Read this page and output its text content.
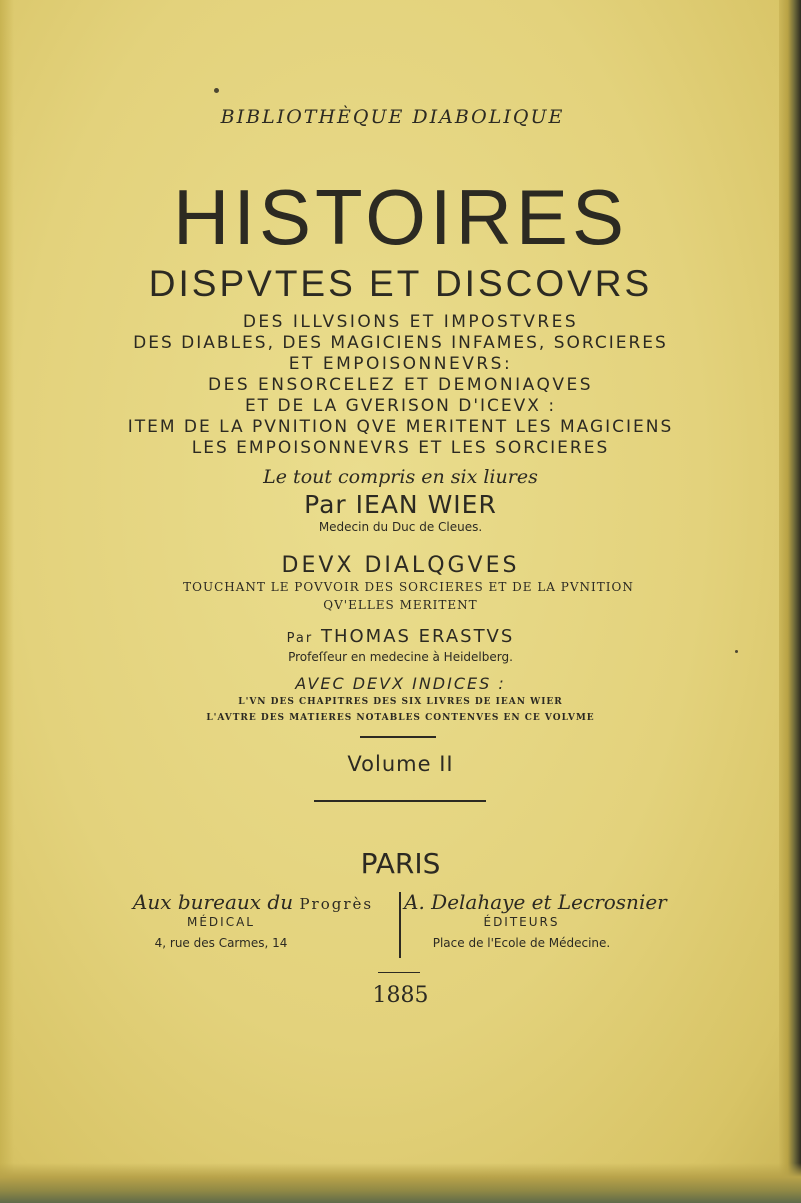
BIBLIOTHÈQUE DIABOLIQUE
HISTOIRES
DISPVTES ET DISCOVRS
DES ILLVSIONS ET IMPOSTVRES
DES DIABLES, DES MAGICIENS INFAMES, SORCIERES
ET EMPOISONNEVRS:
DES ENSORCELEZ ET DEMONIAQVES
ET DE LA GVERISON D'ICEVX :
ITEM DE LA PVNITION QVE MERITENT LES MAGICIENS
LES EMPOISONNEVRS ET LES SORCIERES
Le tout compris en six liures
Par IEAN WIER
Medecin du Duc de Cleues.
DEVX DIALQGVES
TOUCHANT LE POVVOIR DES SORCIERES ET DE LA PVNITION
QV'ELLES MERITENT
Par THOMAS ERASTVS
Profeſſeur en medecine à Heidelberg.
AVEC DEVX INDICES :
L'VN DES CHAPITRES DES SIX LIVRES DE IEAN WIER
L'AVTRE DES MATIERES NOTABLES CONTENVES EN CE VOLVME
Volume II
PARIS
Aux bureaux du Progrès
MÉDICAL
4, rue des Carmes, 14
A. Delahaye et Lecrosnier
ÉDITEURS
Place de l'Ecole de Médecine.
1885
